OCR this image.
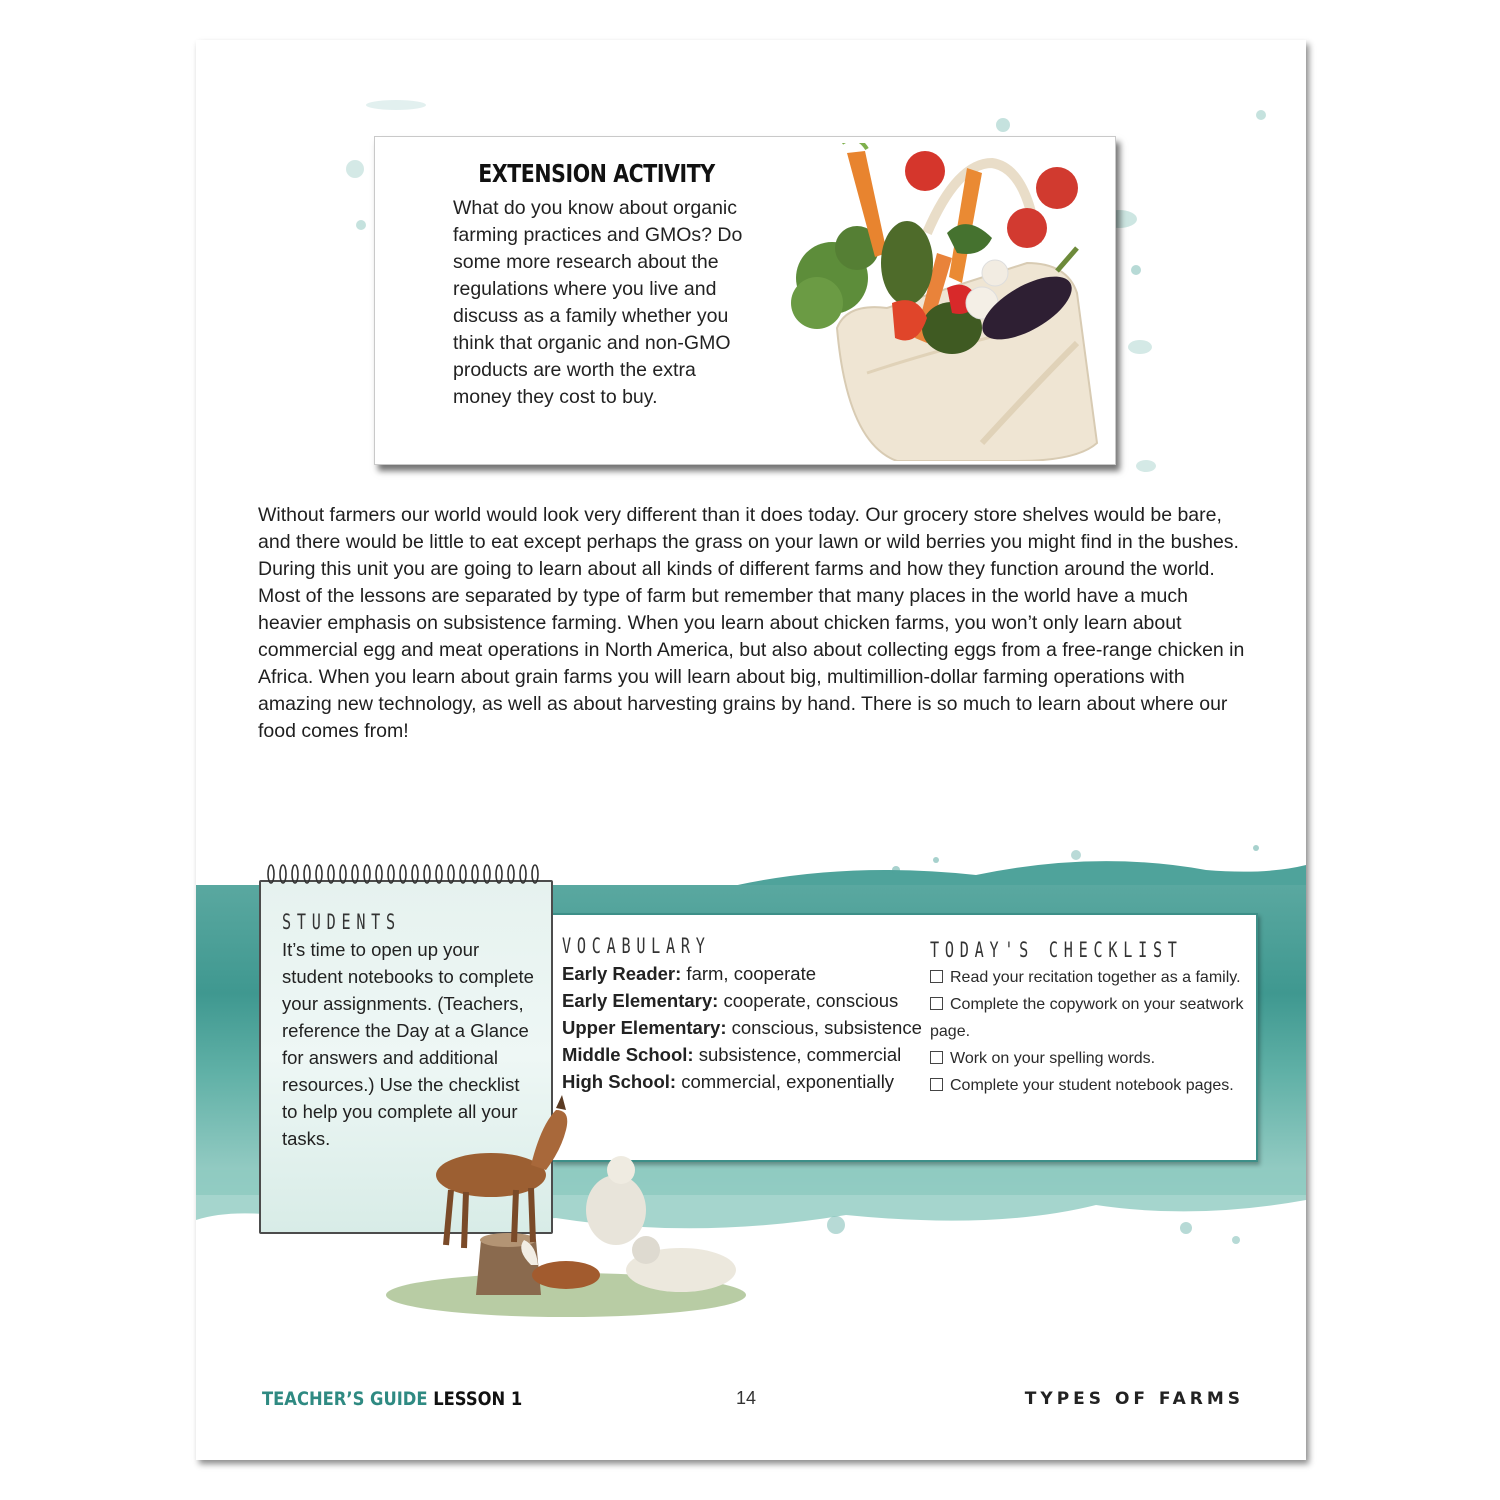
EXTENSION ACTIVITY
What do you know about organic farming practices and GMOs? Do some more research about the regulations where you live and discuss as a family whether you think that organic and non-GMO products are worth the extra money they cost to buy.
Without farmers our world would look very different than it does today. Our grocery store shelves would be bare, and there would be little to eat except perhaps the grass on your lawn or wild berries you might find in the bushes. During this unit you are going to learn about all kinds of different farms and how they function around the world. Most of the lessons are separated by type of farm but remember that many places in the world have a much heavier emphasis on subsistence farming. When you learn about chicken farms, you won’t only learn about commercial egg and meat operations in North America, but also about collecting eggs from a free-range chicken in Africa. When you learn about grain farms you will learn about big, multimillion-dollar farming operations with amazing new technology, as well as about harvesting grains by hand. There is so much to learn about where our food comes from!
VOCABULARY
Early Reader: farm, cooperate
Early Elementary: cooperate, conscious
Upper Elementary: conscious, subsistence
Middle School: subsistence, commercial
High School: commercial, exponentially
TODAY'S CHECKLIST
Read your recitation together as a family.
Complete the copywork on your seatwork page.
Work on your spelling words.
Complete your student notebook pages.
STUDENTS
It’s time to open up your student notebooks to complete your assignments. (Teachers, reference the Day at a Glance for answers and additional resources.) Use the checklist to help you complete all your tasks.
TEACHER’S GUIDE LESSON 1	14	TYPES OF FARMS
